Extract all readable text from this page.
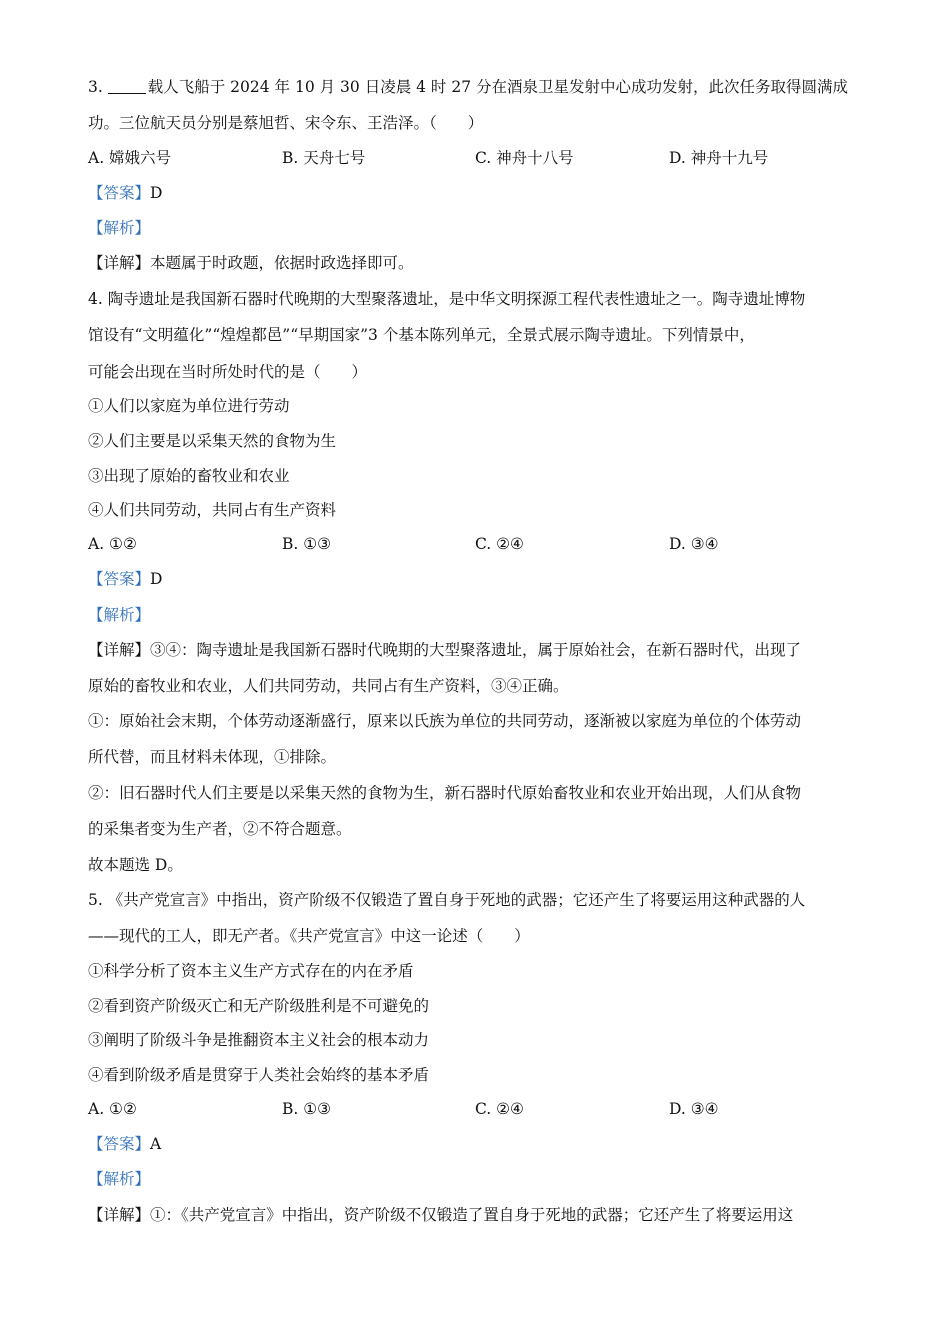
3.	载人飞船于 2024 年 10 月 30 日凌晨 4 时 27 分在酒泉卫星发射中心成功发射，此次任务取得圆满成
功。三位航天员分别是蔡旭哲、宋令东、王浩泽。（　　）
A. 嫦娥六号	B. 天舟七号	C. 神舟十八号	D. 神舟十九号
【答案】D
【解析】
【详解】本题属于时政题，依据时政选择即可。
4. 陶寺遗址是我国新石器时代晚期的大型聚落遗址，是中华文明探源工程代表性遗址之一。陶寺遗址博物
馆设有“文明蕴化”“煌煌都邑”“早期国家”3 个基本陈列单元，全景式展示陶寺遗址。下列情景中，
可能会出现在当时所处时代的是（　　）
①人们以家庭为单位进行劳动
②人们主要是以采集天然的食物为生
③出现了原始的畜牧业和农业
④人们共同劳动，共同占有生产资料
A. ①②	B. ①③	C. ②④	D. ③④
【答案】D
【解析】
【详解】③④：陶寺遗址是我国新石器时代晚期的大型聚落遗址，属于原始社会，在新石器时代，出现了
原始的畜牧业和农业，人们共同劳动，共同占有生产资料，③④正确。
①：原始社会末期，个体劳动逐渐盛行，原来以氏族为单位的共同劳动，逐渐被以家庭为单位的个体劳动
所代替，而且材料未体现，①排除。
②：旧石器时代人们主要是以采集天然的食物为生，新石器时代原始畜牧业和农业开始出现，人们从食物
的采集者变为生产者，②不符合题意。
故本题选 D。
5. 《共产党宣言》中指出，资产阶级不仅锻造了置自身于死地的武器；它还产生了将要运用这种武器的人
——现代的工人，即无产者。《共产党宣言》中这一论述（　　）
①科学分析了资本主义生产方式存在的内在矛盾
②看到资产阶级灭亡和无产阶级胜利是不可避免的
③阐明了阶级斗争是推翻资本主义社会的根本动力
④看到阶级矛盾是贯穿于人类社会始终的基本矛盾
A. ①②	B. ①③	C. ②④	D. ③④
【答案】A
【解析】
【详解】①：《共产党宣言》中指出，资产阶级不仅锻造了置自身于死地的武器；它还产生了将要运用这
